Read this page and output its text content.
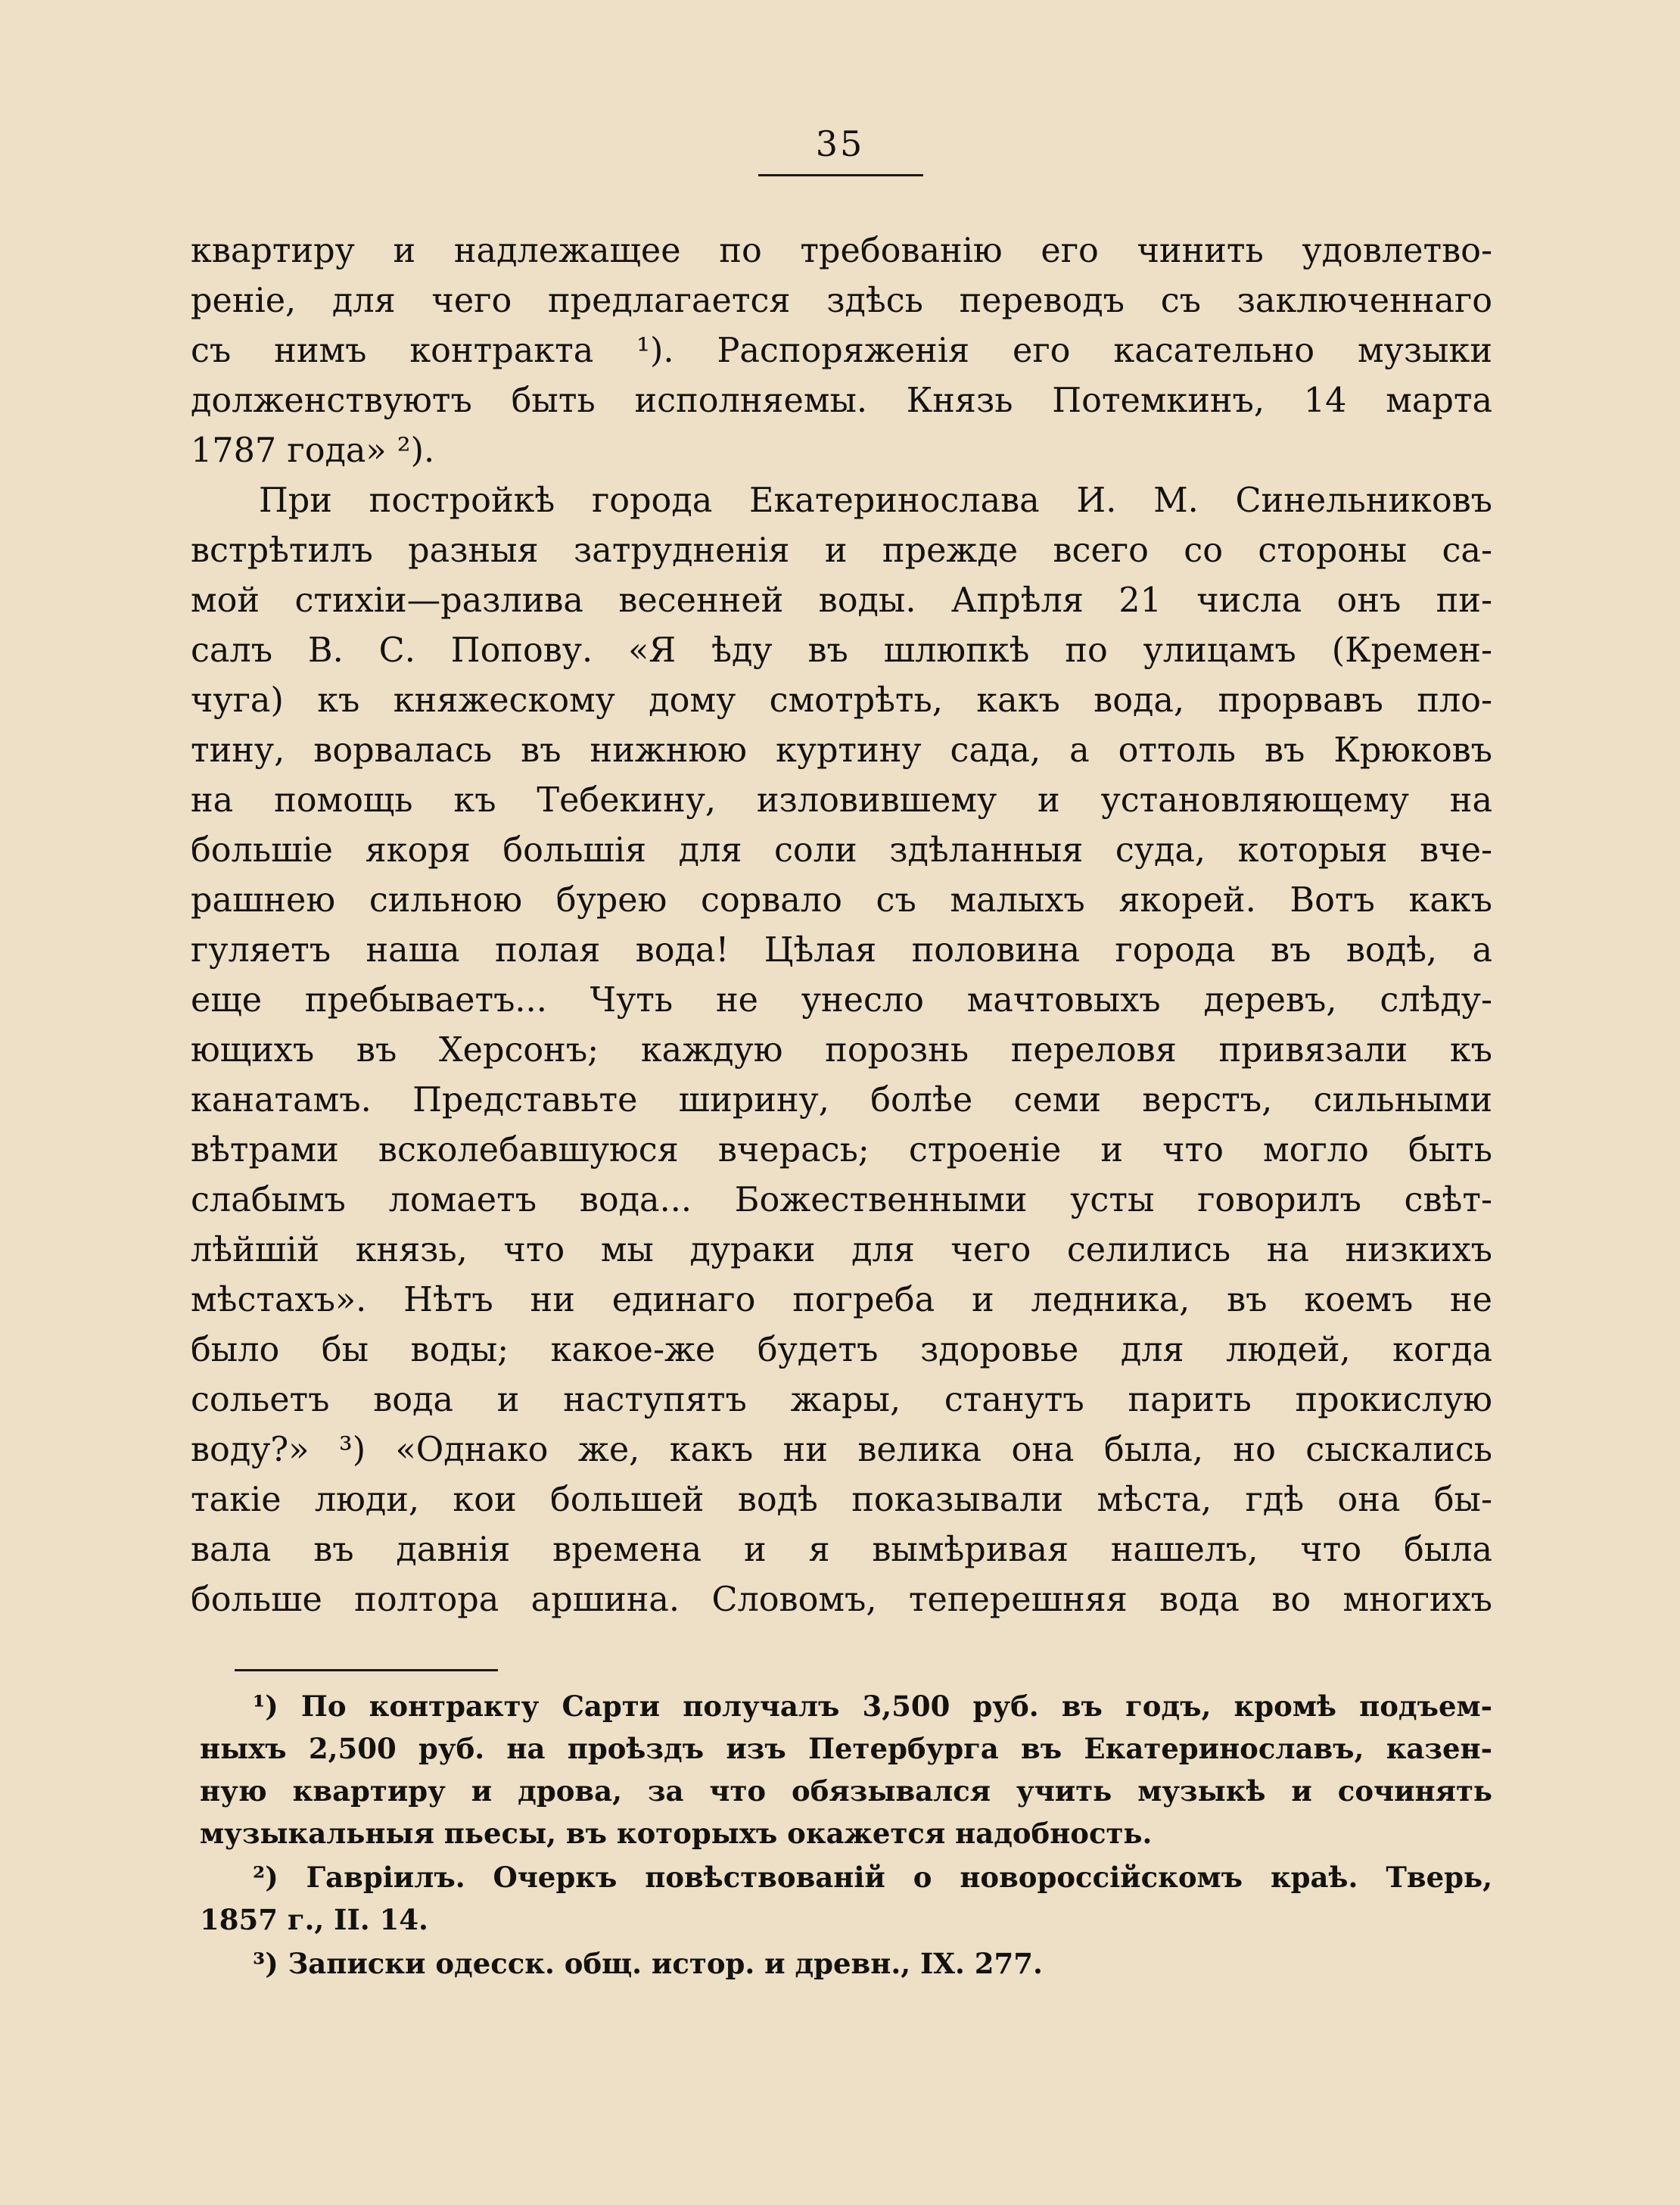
35
квартиру и надлежащее по требованію его чинить удовлетво-
реніе, для чего предлагается здѣсь переводъ съ заключеннаго
съ нимъ контракта ¹). Распоряженія его касательно музыки
долженствуютъ быть исполняемы. Князь Потемкинъ, 14 марта
1787 года» ²).
При постройкѣ города Екатеринослава И. М. Синельниковъ
встрѣтилъ разныя затрудненія и прежде всего со стороны са-
мой стихіи—разлива весенней воды. Апрѣля 21 числа онъ пи-
салъ В. С. Попову. «Я ѣду въ шлюпкѣ по улицамъ (Кремен-
чуга) къ княжескому дому смотрѣть, какъ вода, прорвавъ пло-
тину, ворвалась въ нижнюю куртину сада, а оттоль въ Крюковъ
на помощь къ Тебекину, изловившему и установляющему на
большіе якоря большія для соли здѣланныя суда, которыя вче-
рашнею сильною бурею сорвало съ малыхъ якорей. Вотъ какъ
гуляетъ наша полая вода! Цѣлая половина города въ водѣ, а
еще пребываетъ... Чуть не унесло мачтовыхъ деревъ, слѣду-
ющихъ въ Херсонъ; каждую порознь переловя привязали къ
канатамъ. Представьте ширину, болѣе семи верстъ, сильными
вѣтрами всколебавшуюся вчерась; строеніе и что могло быть
слабымъ ломаетъ вода... Божественными усты говорилъ свѣт-
лѣйшій князь, что мы дураки для чего селились на низкихъ
мѣстахъ». Нѣтъ ни единаго погреба и ледника, въ коемъ не
было бы воды; какое-же будетъ здоровье для людей, когда
сольетъ вода и наступятъ жары, станутъ парить прокислую
воду?» ³) «Однако же, какъ ни велика она была, но сыскались
такіе люди, кои большей водѣ показывали мѣста, гдѣ она бы-
вала въ давнія времена и я вымѣривая нашелъ, что была
больше полтора аршина. Словомъ, теперешняя вода во многихъ
¹) По контракту Сарти получалъ 3,500 руб. въ годъ, кромѣ подъем-
ныхъ 2,500 руб. на проѣздъ изъ Петербурга въ Екатеринославъ, казен-
ную квартиру и дрова, за что обязывался учить музыкѣ и сочинять
музыкальныя пьесы, въ которыхъ окажется надобность.
²) Гавріилъ. Очеркъ повѣствованій о новороссійскомъ краѣ. Тверь,
1857 г., II. 14.
³) Записки одесск. общ. истор. и древн., IX. 277.
